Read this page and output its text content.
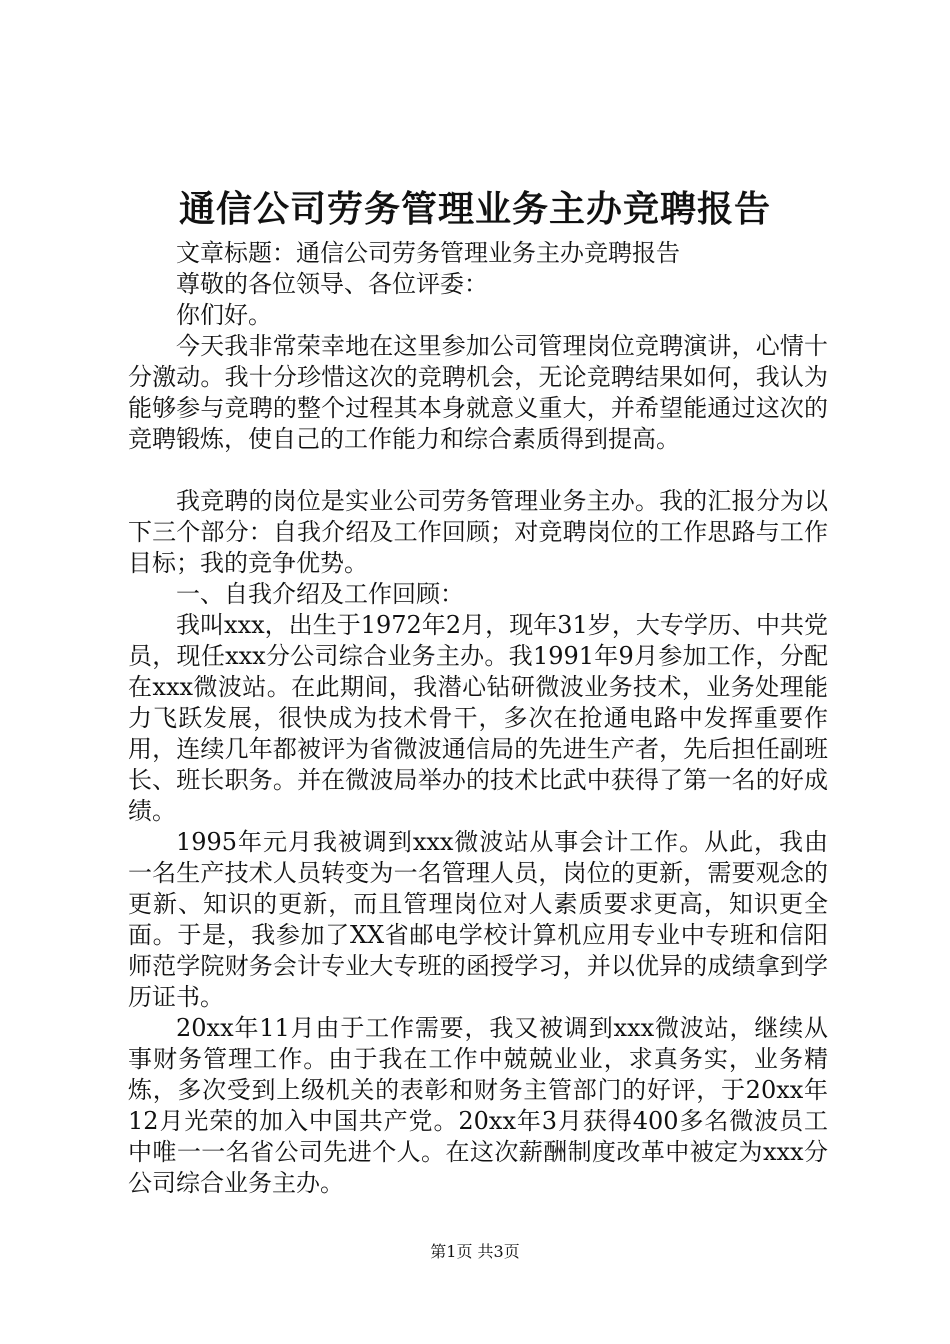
通信公司劳务管理业务主办竞聘报告

文章标题：通信公司劳务管理业务主办竞聘报告

尊敬的各位领导、各位评委：

你们好。

今天我非常荣幸地在这里参加公司管理岗位竞聘演讲，心情十分激动。我十分珍惜这次的竞聘机会，无论竞聘结果如何，我认为能够参与竞聘的整个过程其本身就意义重大，并希望能通过这次的竞聘锻炼，使自己的工作能力和综合素质得到提高。

我竞聘的岗位是实业公司劳务管理业务主办。我的汇报分为以下三个部分：自我介绍及工作回顾；对竞聘岗位的工作思路与工作目标；我的竞争优势。

一、自我介绍及工作回顾：

我叫xxx，出生于1972年2月，现年31岁，大专学历、中共党员，现任xxx分公司综合业务主办。我1991年9月参加工作，分配在xxx微波站。在此期间，我潜心钻研微波业务技术，业务处理能力飞跃发展，很快成为技术骨干，多次在抢通电路中发挥重要作用，连续几年都被评为省微波通信局的先进生产者，先后担任副班长、班长职务。并在微波局举办的技术比武中获得了第一名的好成绩。

1995年元月我被调到xxx微波站从事会计工作。从此，我由一名生产技术人员转变为一名管理人员，岗位的更新，需要观念的更新、知识的更新，而且管理岗位对人素质要求更高，知识更全面。于是，我参加了XX省邮电学校计算机应用专业中专班和信阳师范学院财务会计专业大专班的函授学习，并以优异的成绩拿到学历证书。

20xx年11月由于工作需要，我又被调到xxx微波站，继续从事财务管理工作。由于我在工作中兢兢业业，求真务实，业务精炼，多次受到上级机关的表彰和财务主管部门的好评，于20xx年12月光荣的加入中国共产党。20xx年3月获得400多名微波员工中唯一一名省公司先进个人。在这次薪酬制度改革中被定为xxx分公司综合业务主办。

第1页 共3页
